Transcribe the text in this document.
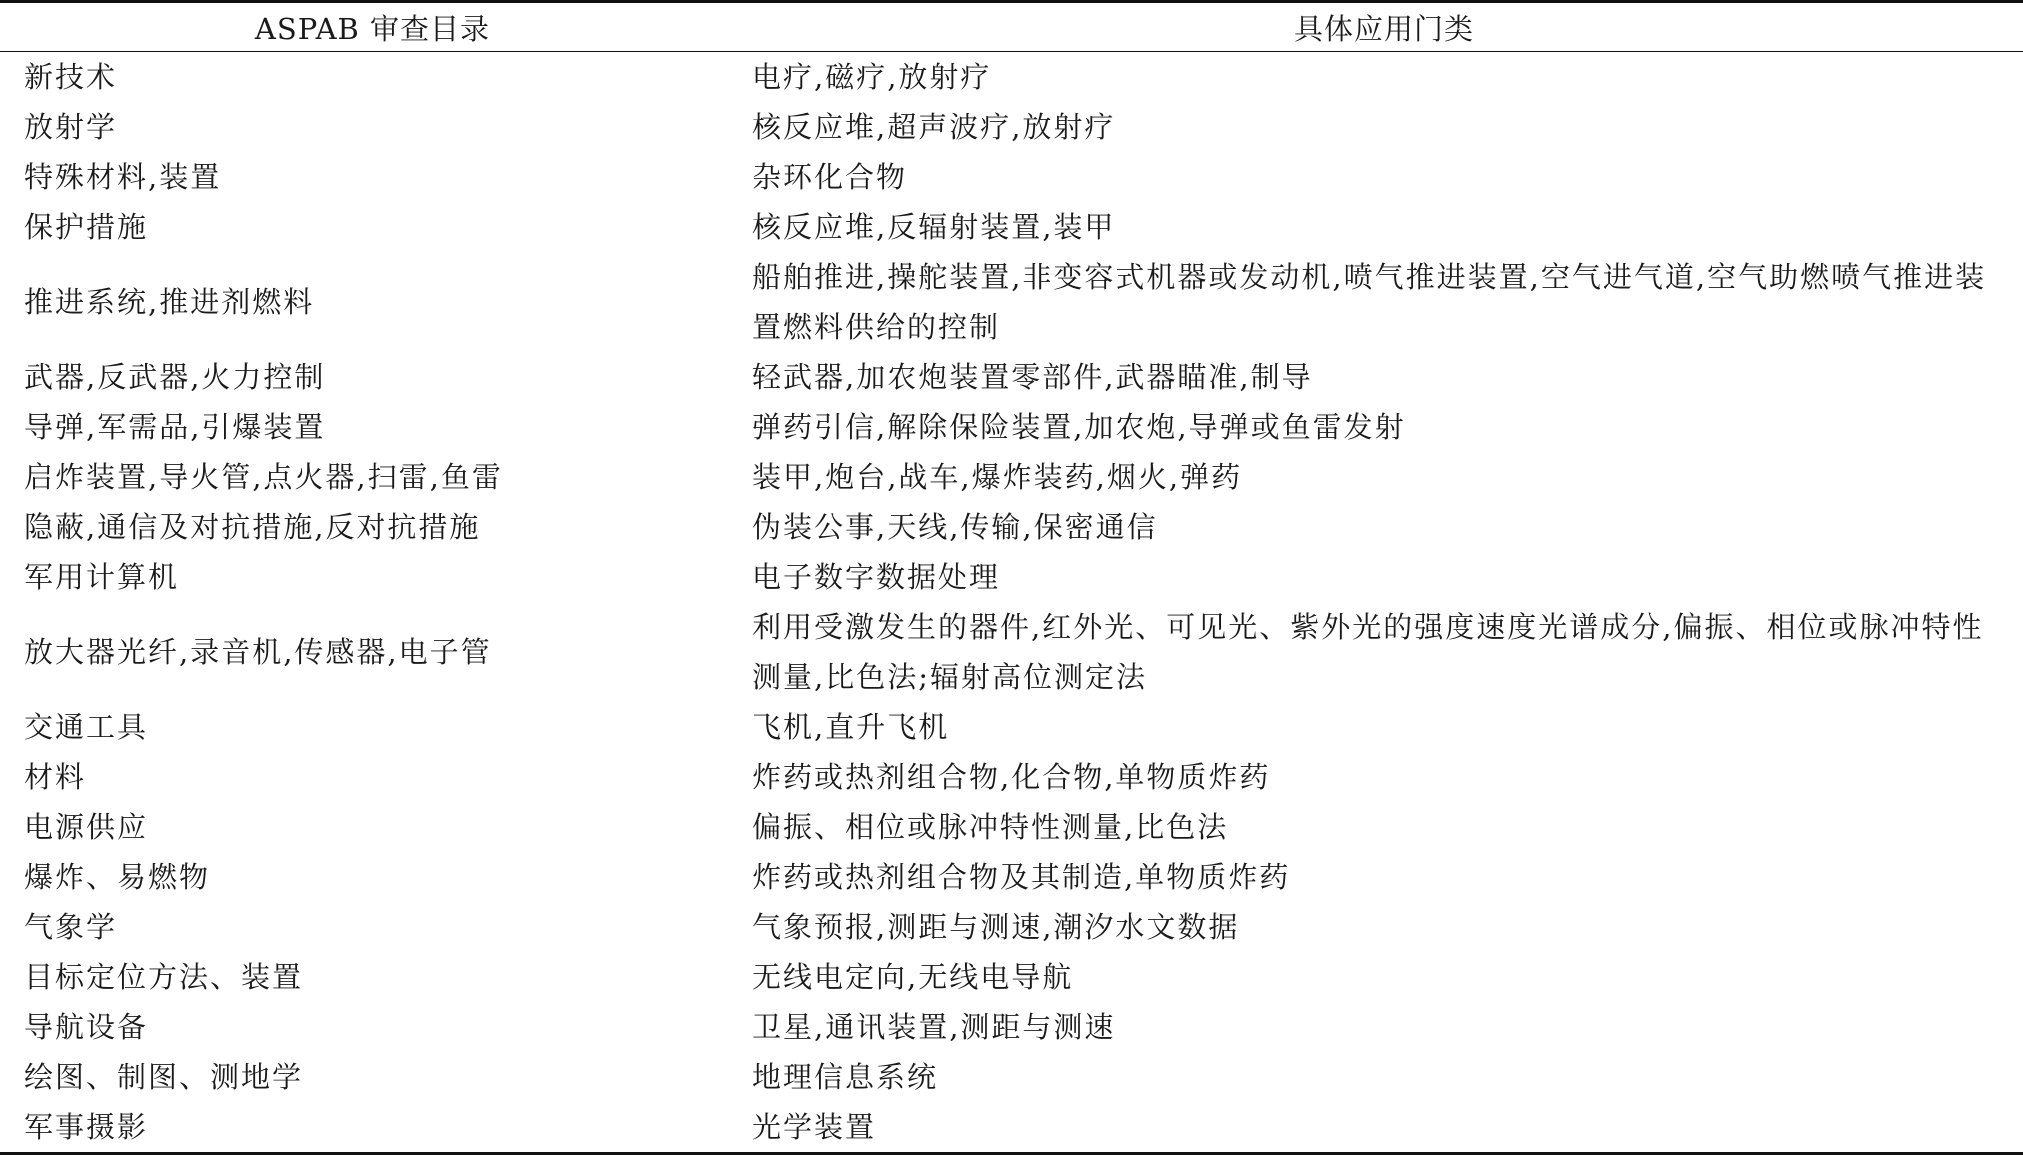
ASPAB 审查目录	具体应用门类
新技术	电疗,磁疗,放射疗
放射学	核反应堆,超声波疗,放射疗
特殊材料,装置	杂环化合物
保护措施	核反应堆,反辐射装置,装甲
推进系统,推进剂燃料	船舶推进,操舵装置,非变容式机器或发动机,喷气推进装置,空气进气道,空气助燃喷气推进装置燃料供给的控制
武器,反武器,火力控制	轻武器,加农炮装置零部件,武器瞄准,制导
导弹,军需品,引爆装置	弹药引信,解除保险装置,加农炮,导弹或鱼雷发射
启炸装置,导火管,点火器,扫雷,鱼雷	装甲,炮台,战车,爆炸装药,烟火,弹药
隐蔽,通信及对抗措施,反对抗措施	伪装公事,天线,传输,保密通信
军用计算机	电子数字数据处理
放大器光纤,录音机,传感器,电子管	利用受激发生的器件,红外光、可见光、紫外光的强度速度光谱成分,偏振、相位或脉冲特性测量,比色法;辐射高位测定法
交通工具	飞机,直升飞机
材料	炸药或热剂组合物,化合物,单物质炸药
电源供应	偏振、相位或脉冲特性测量,比色法
爆炸、易燃物	炸药或热剂组合物及其制造,单物质炸药
气象学	气象预报,测距与测速,潮汐水文数据
目标定位方法、装置	无线电定向,无线电导航
导航设备	卫星,通讯装置,测距与测速
绘图、制图、测地学	地理信息系统
军事摄影	光学装置
